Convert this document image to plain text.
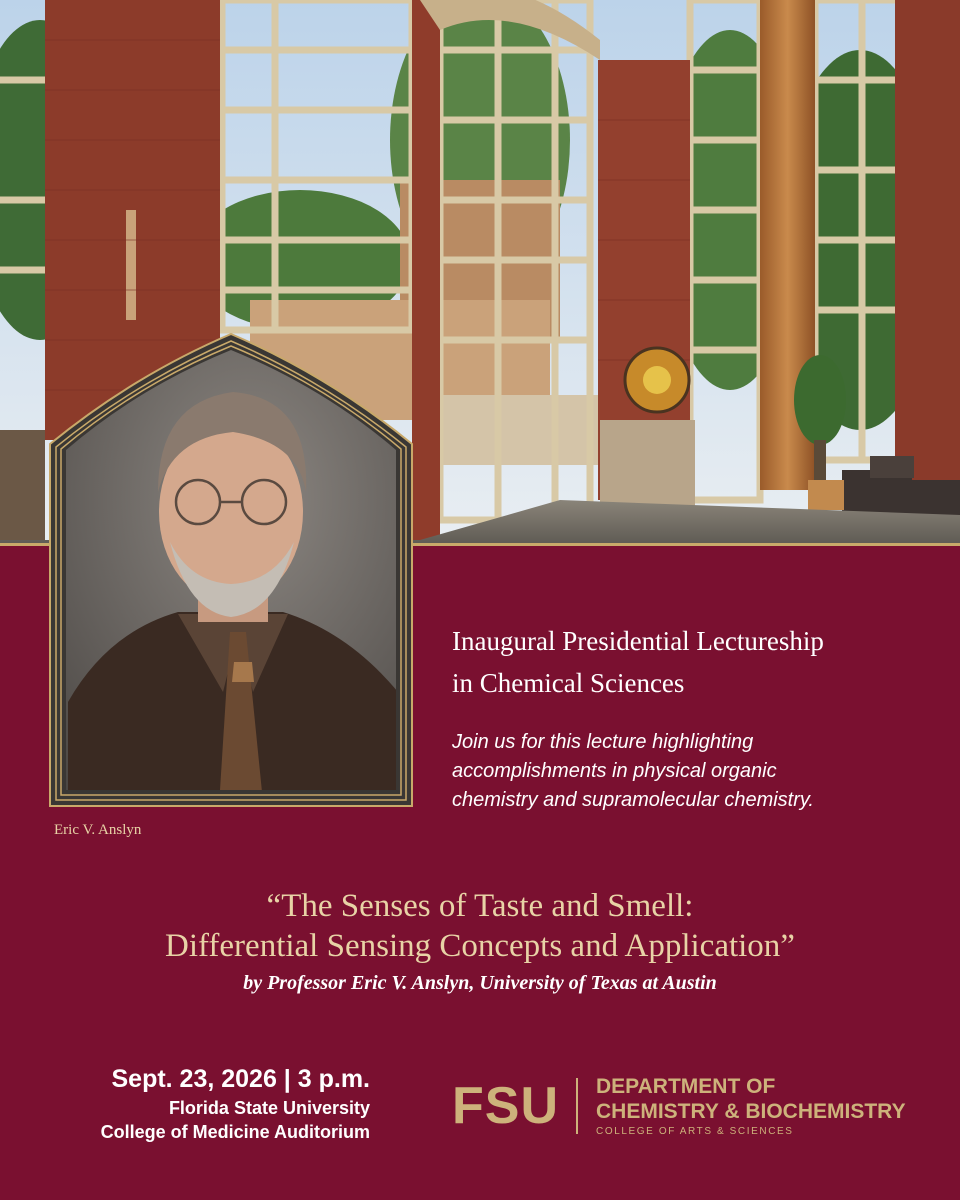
Eric V. Anslyn
Inaugural Presidential Lectureship
in Chemical Sciences
Join us for this lecture highlighting
accomplishments in physical organic
chemistry and supramolecular chemistry.
“The Senses of Taste and Smell:
Differential Sensing Concepts and Application”
by Professor Eric V. Anslyn, University of Texas at Austin
Sept. 23, 2026 | 3 p.m.
Florida State University
College of Medicine Auditorium FSU DEPARTMENT OF
CHEMISTRY & BIOCHEMISTRY
COLLEGE OF ARTS & SCIENCES
